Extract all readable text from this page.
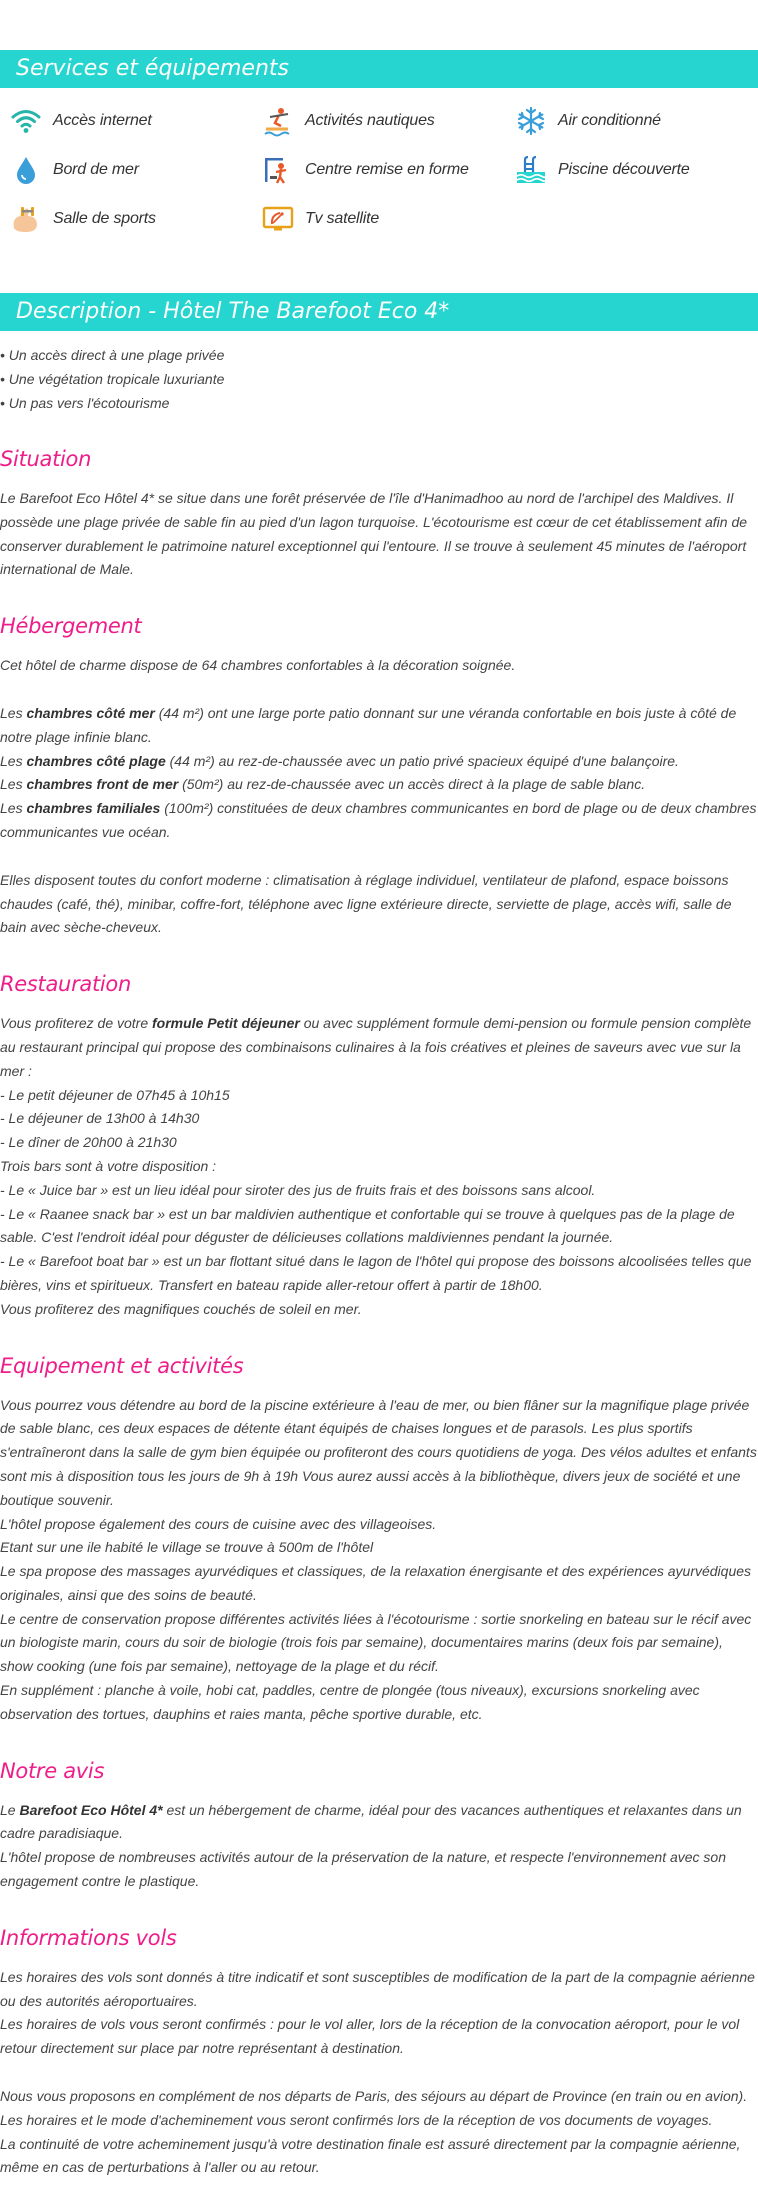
Services et équipements
Accès internet	Activités nautiques	Air conditionné
Bord de mer	Centre remise en forme	Piscine découverte
Salle de sports	Tv satellite
Description - Hôtel The Barefoot Eco 4*

• Un accès direct à une plage privée

• Une végétation tropicale luxuriante

• Un pas vers l'écotourisme

Situation

Le Barefoot Eco Hôtel 4* se situe dans une forêt préservée de l'île d'Hanimadhoo au nord de l'archipel des Maldives. Il possède une plage privée de sable fin au pied d'un lagon turquoise. L'écotourisme est cœur de cet établissement afin de conserver durablement le patrimoine naturel exceptionnel qui l'entoure. Il se trouve à seulement 45 minutes de l'aéroport international de Male.

Hébergement

Cet hôtel de charme dispose de 64 chambres confortables à la décoration soignée.

Les chambres côté mer (44 m²) ont une large porte patio donnant sur une véranda confortable en bois juste à côté de notre plage infinie blanc.

Les chambres côté plage (44 m²) au rez-de-chaussée avec un patio privé spacieux équipé d'une balançoire.

Les chambres front de mer (50m²) au rez-de-chaussée avec un accès direct à la plage de sable blanc.

Les chambres familiales (100m²) constituées de deux chambres communicantes en bord de plage ou de deux chambres communicantes vue océan.

Elles disposent toutes du confort moderne : climatisation à réglage individuel, ventilateur de plafond, espace boissons chaudes (café, thé), minibar, coffre-fort, téléphone avec ligne extérieure directe, serviette de plage, accès wifi, salle de bain avec sèche-cheveux.

Restauration

Vous profiterez de votre formule Petit déjeuner ou avec supplément formule demi-pension ou formule pension complète au restaurant principal qui propose des combinaisons culinaires à la fois créatives et pleines de saveurs avec vue sur la mer :

- Le petit déjeuner de 07h45 à 10h15

- Le déjeuner de 13h00 à 14h30

- Le dîner de 20h00 à 21h30

Trois bars sont à votre disposition :

- Le « Juice bar » est un lieu idéal pour siroter des jus de fruits frais et des boissons sans alcool.

- Le « Raanee snack bar » est un bar maldivien authentique et confortable qui se trouve à quelques pas de la plage de sable. C'est l'endroit idéal pour déguster de délicieuses collations maldiviennes pendant la journée.

- Le « Barefoot boat bar » est un bar flottant situé dans le lagon de l'hôtel qui propose des boissons alcoolisées telles que bières, vins et spiritueux. Transfert en bateau rapide aller-retour offert à partir de 18h00.

Vous profiterez des magnifiques couchés de soleil en mer.

Equipement et activités

Vous pourrez vous détendre au bord de la piscine extérieure à l'eau de mer, ou bien flâner sur la magnifique plage privée de sable blanc, ces deux espaces de détente étant équipés de chaises longues et de parasols. Les plus sportifs s'entraîneront dans la salle de gym bien équipée ou profiteront des cours quotidiens de yoga. Des vélos adultes et enfants sont mis à disposition tous les jours de 9h à 19h Vous aurez aussi accès à la bibliothèque, divers jeux de société et une boutique souvenir.

L'hôtel propose également des cours de cuisine avec des villageoises.

Etant sur une ile habité le village se trouve à 500m de l'hôtel

Le spa propose des massages ayurvédiques et classiques, de la relaxation énergisante et des expériences ayurvédiques originales, ainsi que des soins de beauté.

Le centre de conservation propose différentes activités liées à l'écotourisme : sortie snorkeling en bateau sur le récif avec un biologiste marin, cours du soir de biologie (trois fois par semaine), documentaires marins (deux fois par semaine), show cooking (une fois par semaine), nettoyage de la plage et du récif.

En supplément : planche à voile, hobi cat, paddles, centre de plongée (tous niveaux), excursions snorkeling avec observation des tortues, dauphins et raies manta, pêche sportive durable, etc.

Notre avis

Le Barefoot Eco Hôtel 4* est un hébergement de charme, idéal pour des vacances authentiques et relaxantes dans un cadre paradisiaque.

L'hôtel propose de nombreuses activités autour de la préservation de la nature, et respecte l'environnement avec son engagement contre le plastique.

Informations vols

Les horaires des vols sont donnés à titre indicatif et sont susceptibles de modification de la part de la compagnie aérienne ou des autorités aéroportuaires.

Les horaires de vols vous seront confirmés : pour le vol aller, lors de la réception de la convocation aéroport, pour le vol retour directement sur place par notre représentant à destination.

Nous vous proposons en complément de nos départs de Paris, des séjours au départ de Province (en train ou en avion).

Les horaires et le mode d'acheminement vous seront confirmés lors de la réception de vos documents de voyages.

La continuité de votre acheminement jusqu'à votre destination finale est assuré directement par la compagnie aérienne, même en cas de perturbations à l'aller ou au retour.
